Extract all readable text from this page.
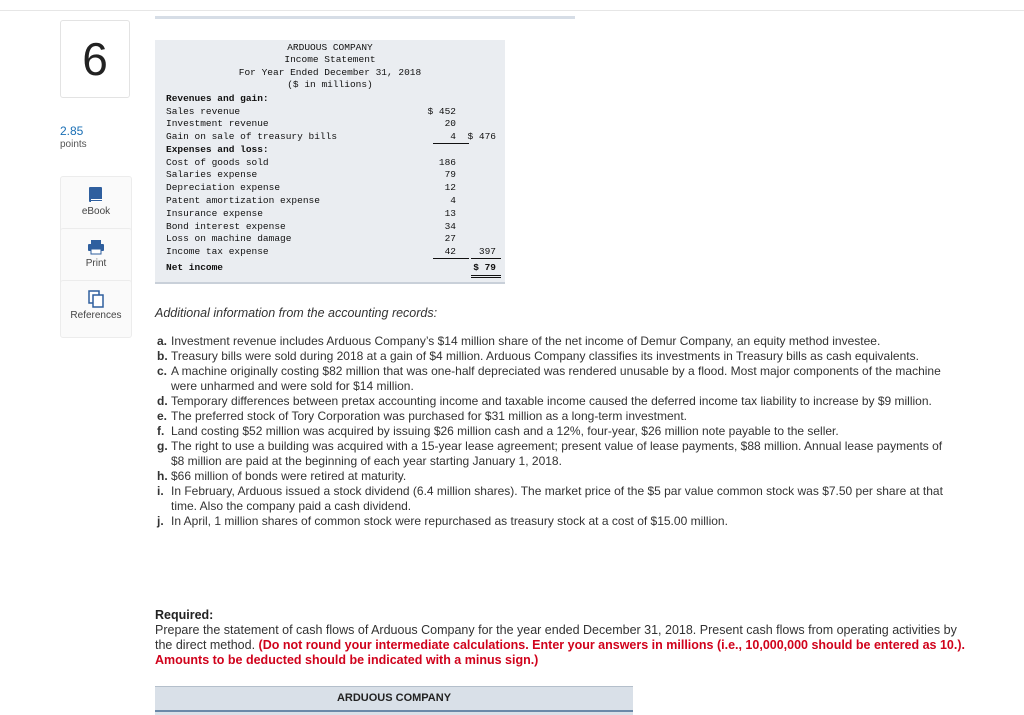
6
2.85
points
eBook
Print
References
ARDUOUS COMPANY
Income Statement
For Year Ended December 31, 2018
($ in millions)
Revenues and gain:
Sales revenue	$ 452
Investment revenue	20
Gain on sale of treasury bills	4 $ 476
Expenses and loss:
Cost of goods sold	186
Salaries expense	79
Depreciation expense	12
Patent amortization expense	4
Insurance expense	13
Bond interest expense	34
Loss on machine damage	27
Income tax expense	42 397
Net income	$ 79
Additional information from the accounting records:

a. Investment revenue includes Arduous Company’s $14 million share of the net income of Demur Company, an equity method investee.

b. Treasury bills were sold during 2018 at a gain of $4 million. Arduous Company classifies its investments in Treasury bills as cash equivalents.

c. A machine originally costing $82 million that was one-half depreciated was rendered unusable by a flood. Most major components of the machine were unharmed and were sold for $14 million.

d. Temporary differences between pretax accounting income and taxable income caused the deferred income tax liability to increase by $9 million.

e. The preferred stock of Tory Corporation was purchased for $31 million as a long-term investment.

f. Land costing $52 million was acquired by issuing $26 million cash and a 12%, four-year, $26 million note payable to the seller.

g. The right to use a building was acquired with a 15-year lease agreement; present value of lease payments, $88 million. Annual lease payments of $8 million are paid at the beginning of each year starting January 1, 2018.

h. $66 million of bonds were retired at maturity.

i. In February, Arduous issued a stock dividend (6.4 million shares). The market price of the $5 par value common stock was $7.50 per share at that time. Also the company paid a cash dividend.

j. In April, 1 million shares of common stock were repurchased as treasury stock at a cost of $15.00 million.

Required:
Prepare the statement of cash flows of Arduous Company for the year ended December 31, 2018. Present cash flows from operating activities by the direct method. (Do not round your intermediate calculations. Enter your answers in millions (i.e., 10,000,000 should be entered as 10.). Amounts to be deducted should be indicated with a minus sign.)
ARDUOUS COMPANY
